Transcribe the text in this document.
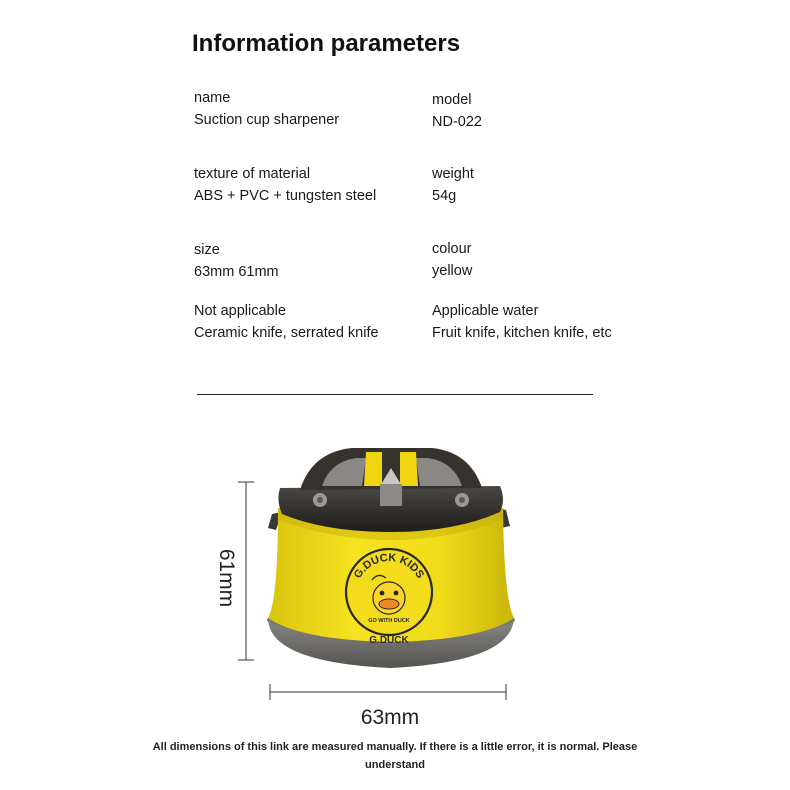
Information parameters
name
Suction cup sharpener
model
ND-022
texture of material
ABS + PVC + tungsten steel
weight
54g
size
63mm 61mm
colour
yellow
Not applicable
Ceramic knife, serrated knife
Applicable water
Fruit knife, kitchen knife, etc
G.DUCK KIDS
GO WITH DUCK
G.DUCK
63mm
61mm
All dimensions of this link are measured manually. If there is a little error, it is normal. Please understand
